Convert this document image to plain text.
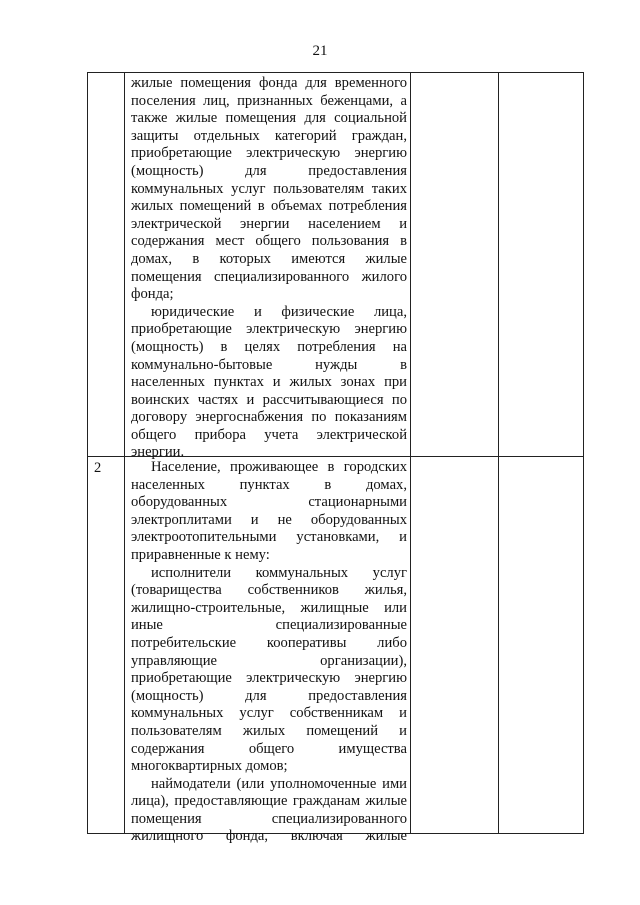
21
жилые помещения фонда для временного
поселения лиц, признанных беженцами, а
также жилые помещения для социальной
защиты отдельных категорий граждан,
приобретающие электрическую энергию
(мощность) для предоставления
коммунальных услуг пользователям таких
жилых помещений в объемах потребления
электрической энергии населением и
содержания мест общего пользования в
домах, в которых имеются жилые
помещения специализированного жилого
фонда;
юридические и физические лица,
приобретающие электрическую энергию
(мощность) в целях потребления на
коммунально-бытовые нужды в
населенных пунктах и жилых зонах при
воинских частях и рассчитывающиеся по
договору энергоснабжения по показаниям
общего прибора учета электрической
энергии.
2	Население, проживающее в городских
населенных пунктах в домах,
оборудованных стационарными
электроплитами и не оборудованных
электроотопительными установками, и
приравненные к нему:
исполнители коммунальных услуг
(товарищества собственников жилья,
жилищно-строительные, жилищные или
иные специализированные
потребительские кооперативы либо
управляющие организации),
приобретающие электрическую энергию
(мощность) для предоставления
коммунальных услуг собственникам и
пользователям жилых помещений и
содержания общего имущества
многоквартирных домов;
наймодатели (или уполномоченные ими
лица), предоставляющие гражданам жилые
помещения специализированного
жилищного фонда, включая жилые
